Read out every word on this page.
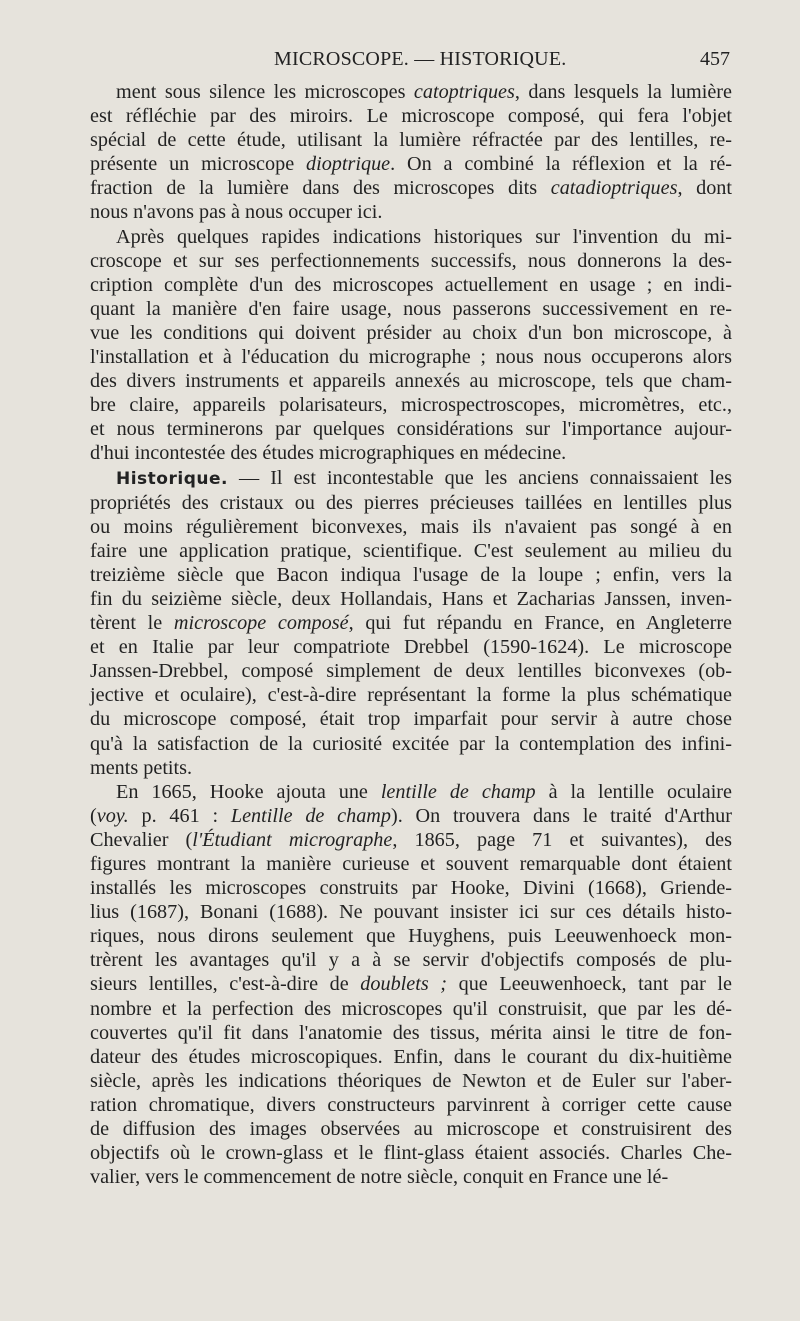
MICROSCOPE. — HISTORIQUE.	457

ment sous silence les microscopes catoptriques, dans lesquels la lumière
est réfléchie par des miroirs. Le microscope composé, qui fera l'objet
spécial de cette étude, utilisant la lumière réfractée par des lentilles, re-
présente un microscope dioptrique. On a combiné la réflexion et la ré-
fraction de la lumière dans des microscopes dits catadioptriques, dont
nous n'avons pas à nous occuper ici.

Après quelques rapides indications historiques sur l'invention du mi-
croscope et sur ses perfectionnements successifs, nous donnerons la des-
cription complète d'un des microscopes actuellement en usage ; en indi-
quant la manière d'en faire usage, nous passerons successivement en re-
vue les conditions qui doivent présider au choix d'un bon microscope, à
l'installation et à l'éducation du micrographe ; nous nous occuperons alors
des divers instruments et appareils annexés au microscope, tels que cham-
bre claire, appareils polarisateurs, microspectroscopes, micromètres, etc.,
et nous terminerons par quelques considérations sur l'importance aujour-
d'hui incontestée des études micrographiques en médecine.

Historique. — Il est incontestable que les anciens connaissaient les
propriétés des cristaux ou des pierres précieuses taillées en lentilles plus
ou moins régulièrement biconvexes, mais ils n'avaient pas songé à en
faire une application pratique, scientifique. C'est seulement au milieu du
treizième siècle que Bacon indiqua l'usage de la loupe ; enfin, vers la
fin du seizième siècle, deux Hollandais, Hans et Zacharias Janssen, inven-
tèrent le microscope composé, qui fut répandu en France, en Angleterre
et en Italie par leur compatriote Drebbel (1590-1624). Le microscope
Janssen-Drebbel, composé simplement de deux lentilles biconvexes (ob-
jective et oculaire), c'est-à-dire représentant la forme la plus schématique
du microscope composé, était trop imparfait pour servir à autre chose
qu'à la satisfaction de la curiosité excitée par la contemplation des infini-
ments petits.

En 1665, Hooke ajouta une lentille de champ à la lentille oculaire
(voy. p. 461 : Lentille de champ). On trouvera dans le traité d'Arthur
Chevalier (l'Étudiant micrographe, 1865, page 71 et suivantes), des
figures montrant la manière curieuse et souvent remarquable dont étaient
installés les microscopes construits par Hooke, Divini (1668), Griende-
lius (1687), Bonani (1688). Ne pouvant insister ici sur ces détails histo-
riques, nous dirons seulement que Huyghens, puis Leeuwenhoeck mon-
trèrent les avantages qu'il y a à se servir d'objectifs composés de plu-
sieurs lentilles, c'est-à-dire de doublets ; que Leeuwenhoeck, tant par le
nombre et la perfection des microscopes qu'il construisit, que par les dé-
couvertes qu'il fit dans l'anatomie des tissus, mérita ainsi le titre de fon-
dateur des études microscopiques. Enfin, dans le courant du dix-huitième
siècle, après les indications théoriques de Newton et de Euler sur l'aber-
ration chromatique, divers constructeurs parvinrent à corriger cette cause
de diffusion des images observées au microscope et construisirent des
objectifs où le crown-glass et le flint-glass étaient associés. Charles Che-
valier, vers le commencement de notre siècle, conquit en France une lé-
